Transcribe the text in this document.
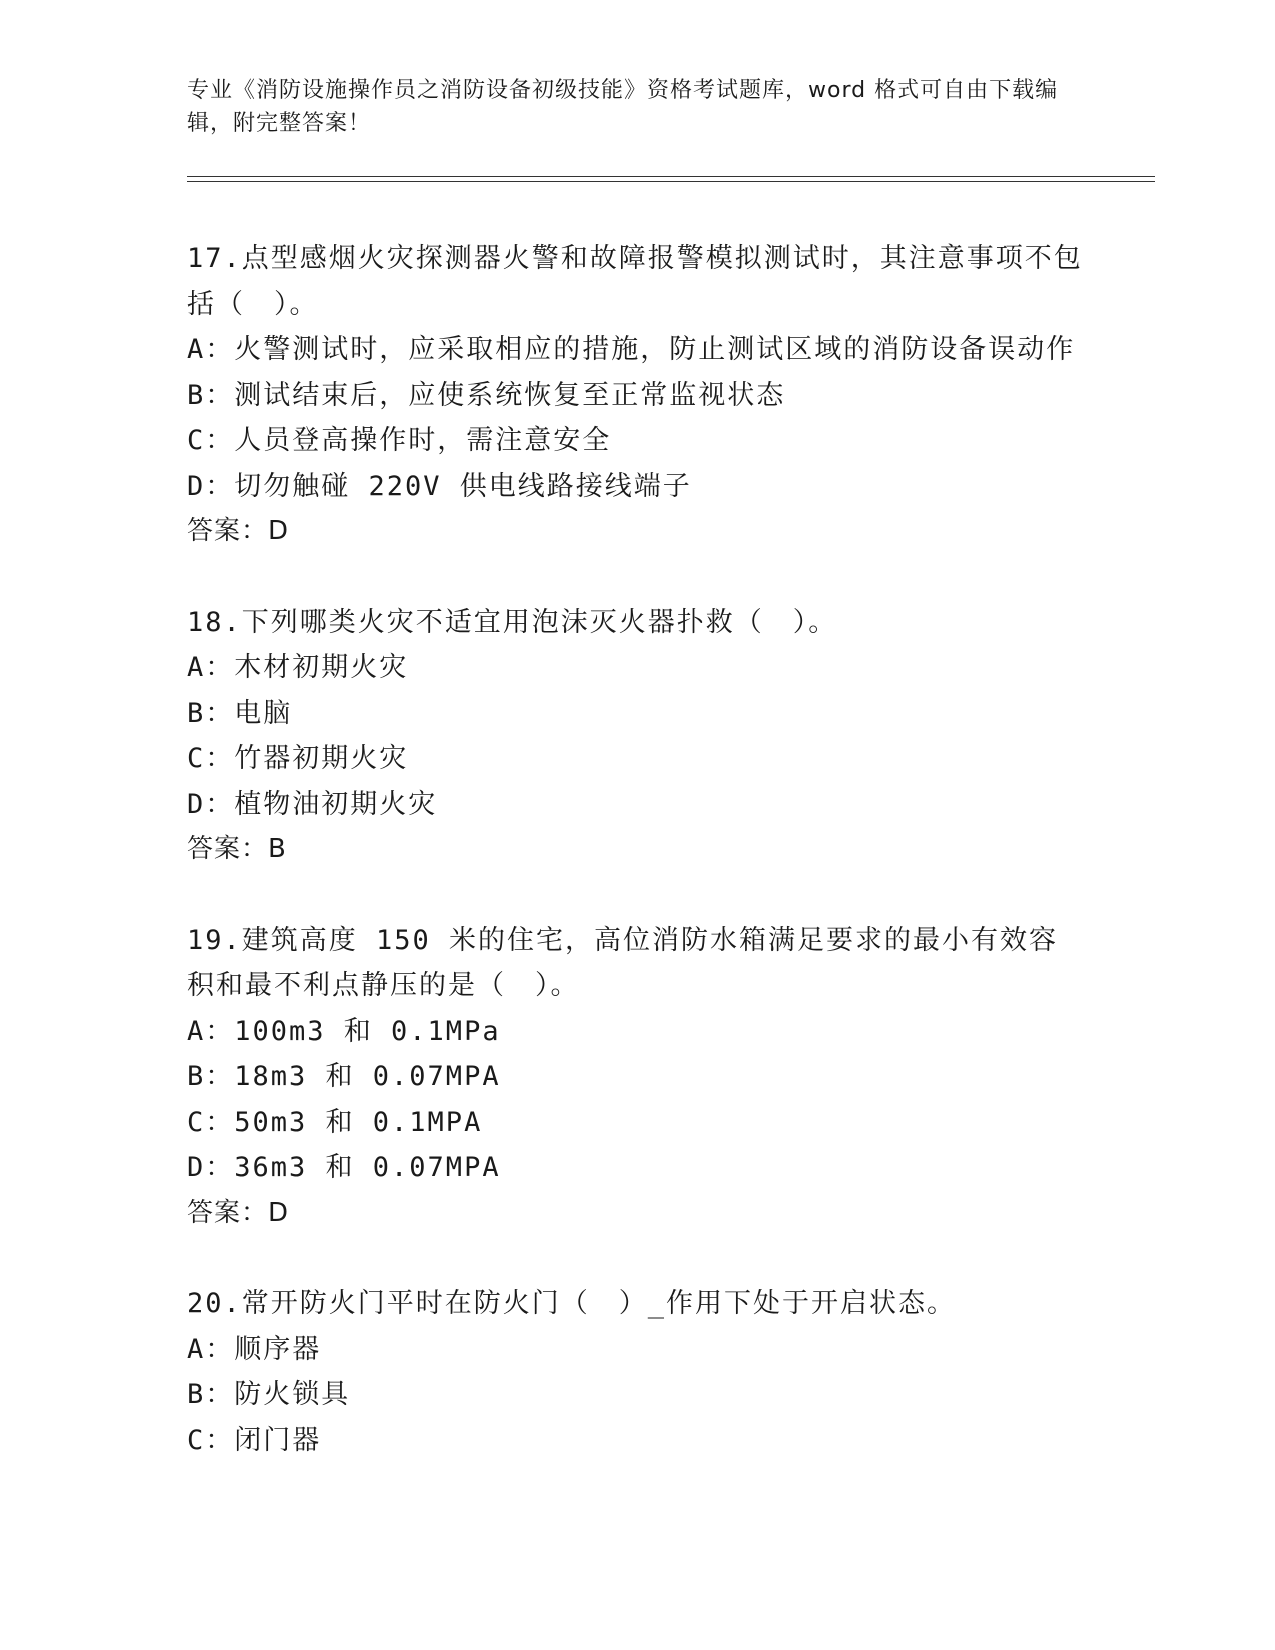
专业《消防设施操作员之消防设备初级技能》资格考试题库，word 格式可自由下载编辑，附完整答案！

17.点型感烟火灾探测器火警和故障报警模拟测试时，其注意事项不包括（　）。

A：火警测试时，应采取相应的措施，防止测试区域的消防设备误动作

B：测试结束后，应使系统恢复至正常监视状态

C：人员登高操作时，需注意安全

D：切勿触碰 220V 供电线路接线端子

答案：D

18.下列哪类火灾不适宜用泡沫灭火器扑救（　）。

A：木材初期火灾

B：电脑

C：竹器初期火灾

D：植物油初期火灾

答案：B

19.建筑高度 150 米的住宅，高位消防水箱满足要求的最小有效容积和最不利点静压的是（　）。

A：100m3 和 0.1MPa

B：18m3 和 0.07MPA

C：50m3 和 0.1MPA

D：36m3 和 0.07MPA

答案：D

20.常开防火门平时在防火门（　）_作用下处于开启状态。

A：顺序器

B：防火锁具

C：闭门器
